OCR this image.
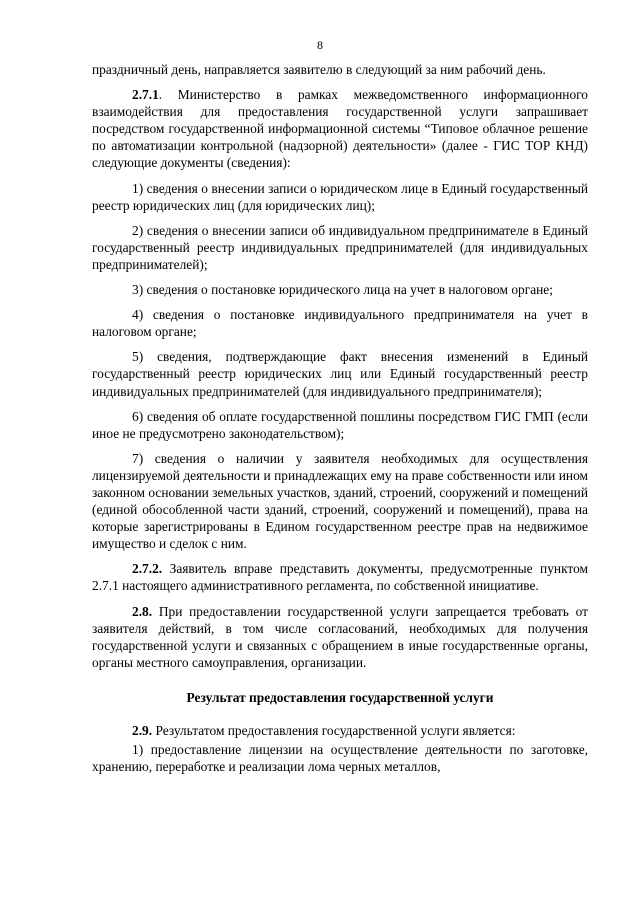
8

праздничный день, направляется заявителю в следующий за ним рабочий день.

2.7.1. Министерство в рамках межведомственного информационного взаимодействия для предоставления государственной услуги запрашивает посредством государственной информационной системы “Типовое облачное решение по автоматизации контрольной (надзорной) деятельности» (далее - ГИС ТОР КНД) следующие документы (сведения):

1) сведения о внесении записи о юридическом лице в Единый государственный реестр юридических лиц (для юридических лиц);

2) сведения о внесении записи об индивидуальном предпринимателе в Единый государственный реестр индивидуальных предпринимателей (для индивидуальных предпринимателей);

3) сведения о постановке юридического лица на учет в налоговом органе;

4) сведения о постановке индивидуального предпринимателя на учет в налоговом органе;

5) сведения, подтверждающие факт внесения изменений в Единый государственный реестр юридических лиц или Единый государственный реестр индивидуальных предпринимателей (для индивидуального предпринимателя);

6) сведения об оплате государственной пошлины посредством ГИС ГМП (если иное не предусмотрено законодательством);

7) сведения о наличии у заявителя необходимых для осуществления лицензируемой деятельности и принадлежащих ему на праве собственности или ином законном основании земельных участков, зданий, строений, сооружений и помещений (единой обособленной части зданий, строений, сооружений и помещений), права на которые зарегистрированы в Едином государственном реестре прав на недвижимое имущество и сделок с ним.

2.7.2. Заявитель вправе представить документы, предусмотренные пунктом 2.7.1 настоящего административного регламента, по собственной инициативе.

2.8. При предоставлении государственной услуги запрещается требовать от заявителя действий, в том числе согласований, необходимых для получения государственной услуги и связанных с обращением в иные государственные органы, органы местного самоуправления, организации.

Результат предоставления государственной услуги

2.9. Результатом предоставления государственной услуги является:

1) предоставление лицензии на осуществление деятельности по заготовке, хранению, переработке и реализации лома черных металлов,
